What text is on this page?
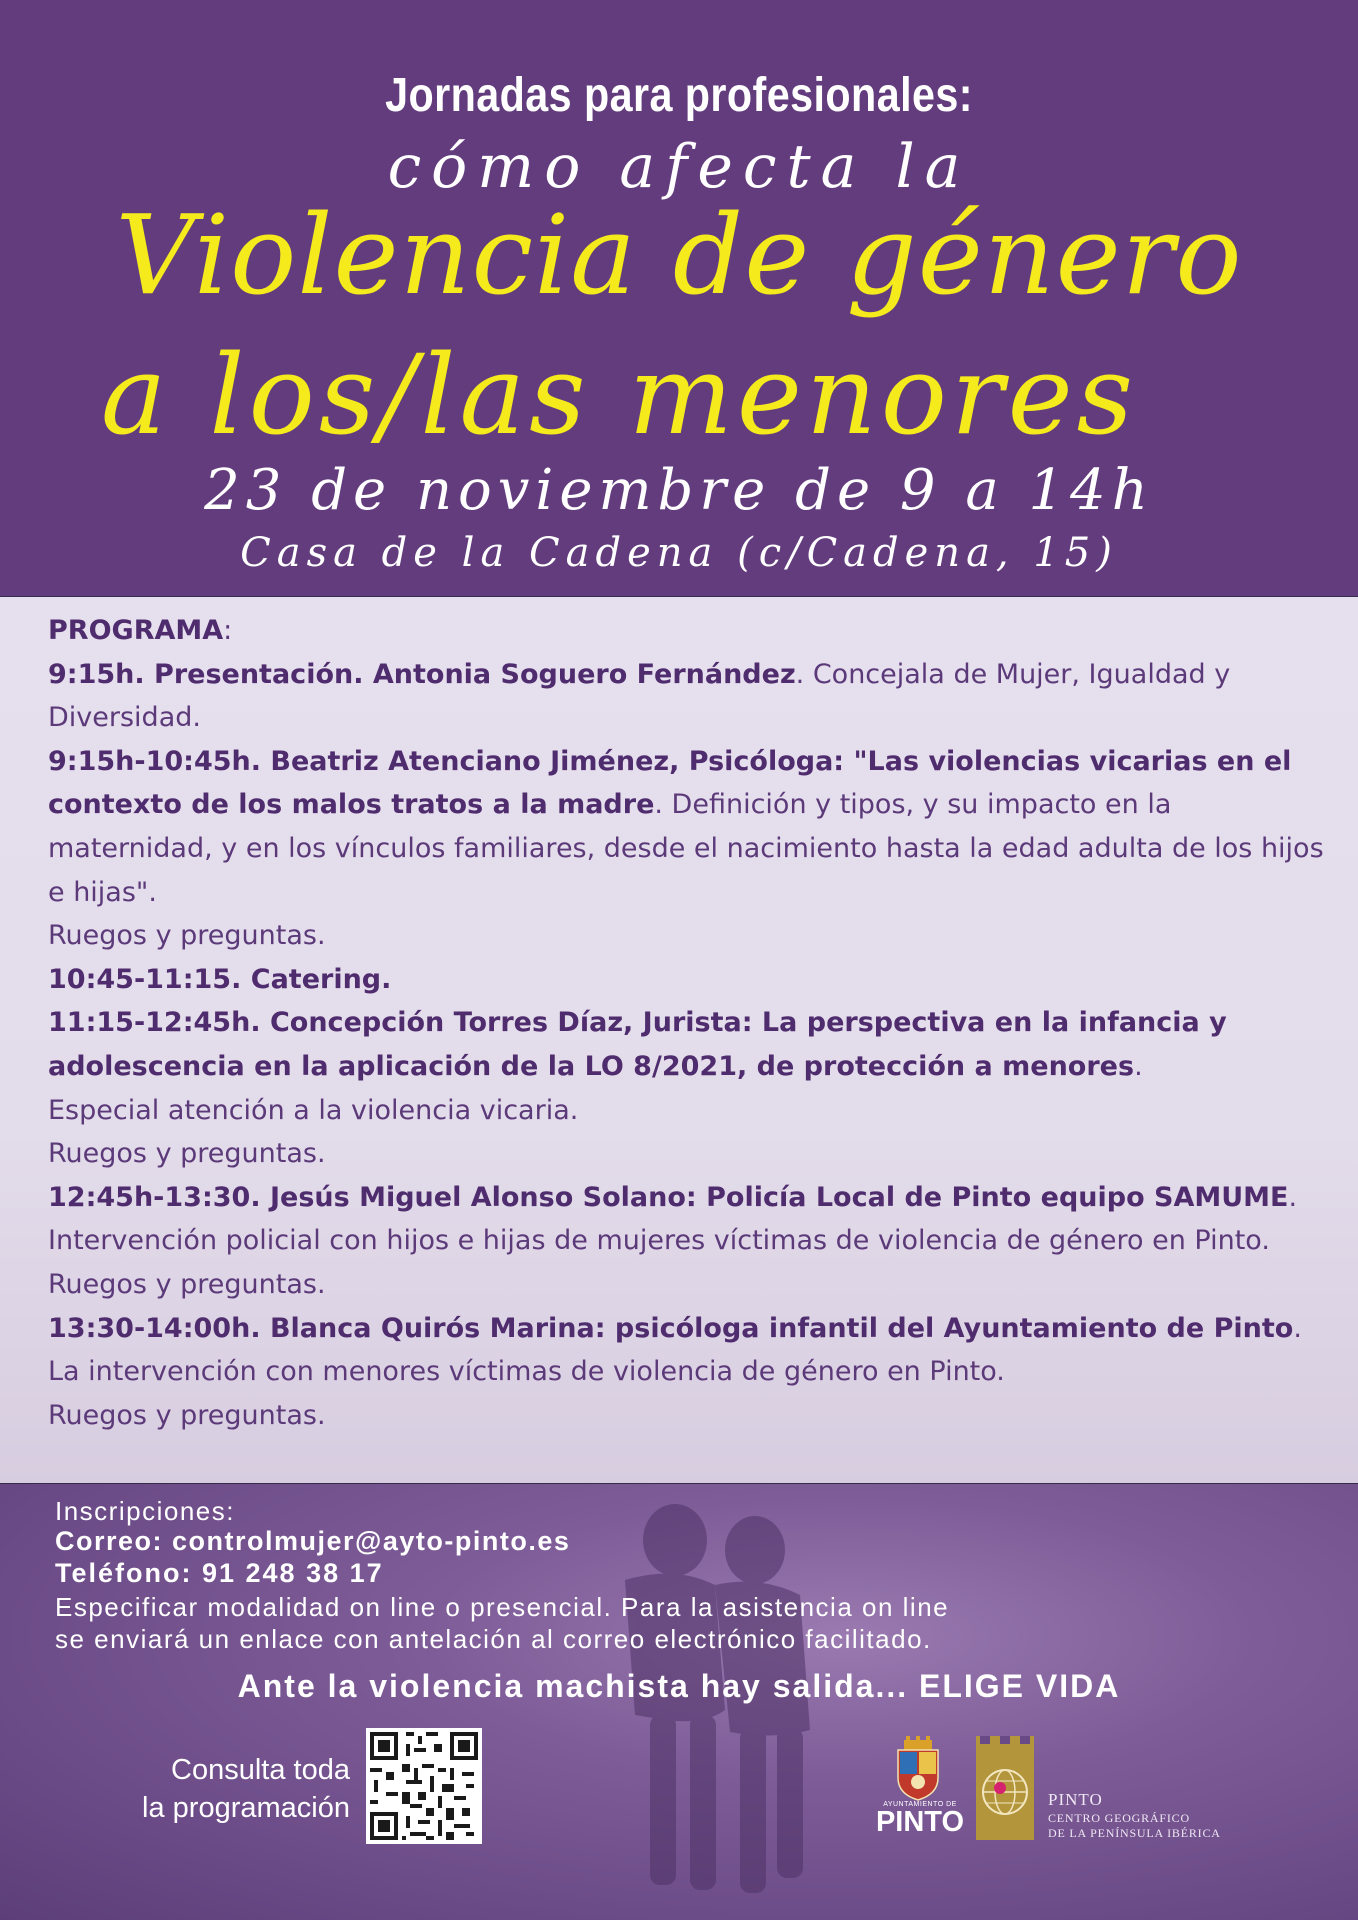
Jornadas para profesionales:
cómo afecta la
Violencia de género
a los/las menores
23 de noviembre de 9 a 14h
Casa de la Cadena (c/Cadena, 15)

PROGRAMA:

9:15h. Presentación. Antonia Soguero Fernández. Concejala de Mujer, Igualdad y Diversidad.

9:15h-10:45h. Beatriz Atenciano Jiménez, Psicóloga: "Las violencias vicarias en el contexto de los malos tratos a la madre. Definición y tipos, y su impacto en la maternidad, y en los vínculos familiares, desde el nacimiento hasta la edad adulta de los hijos e hijas".

Ruegos y preguntas.

10:45-11:15. Catering.

11:15-12:45h. Concepción Torres Díaz, Jurista: La perspectiva en la infancia y adolescencia en la aplicación de la LO 8/2021, de protección a menores.

Especial atención a la violencia vicaria.

Ruegos y preguntas.

12:45h-13:30. Jesús Miguel Alonso Solano: Policía Local de Pinto equipo SAMUME. Intervención policial con hijos e hijas de mujeres víctimas de violencia de género en Pinto.

Ruegos y preguntas.

13:30-14:00h. Blanca Quirós Marina: psicóloga infantil del Ayuntamiento de Pinto. La intervención con menores víctimas de violencia de género en Pinto.

Ruegos y preguntas.

Inscripciones:
Correo: controlmujer@ayto-pinto.es
Teléfono: 91 248 38 17
Especificar modalidad on line o presencial. Para la asistencia on line
se enviará un enlace con antelación al correo electrónico facilitado.
Ante la violencia machista hay salida... ELIGE VIDA
Consulta toda
la programación	AYUNTAMIENTO DE
PINTO
PINTO
CENTRO GEOGRÁFICO
DE LA PENÍNSULA IBÉRICA
